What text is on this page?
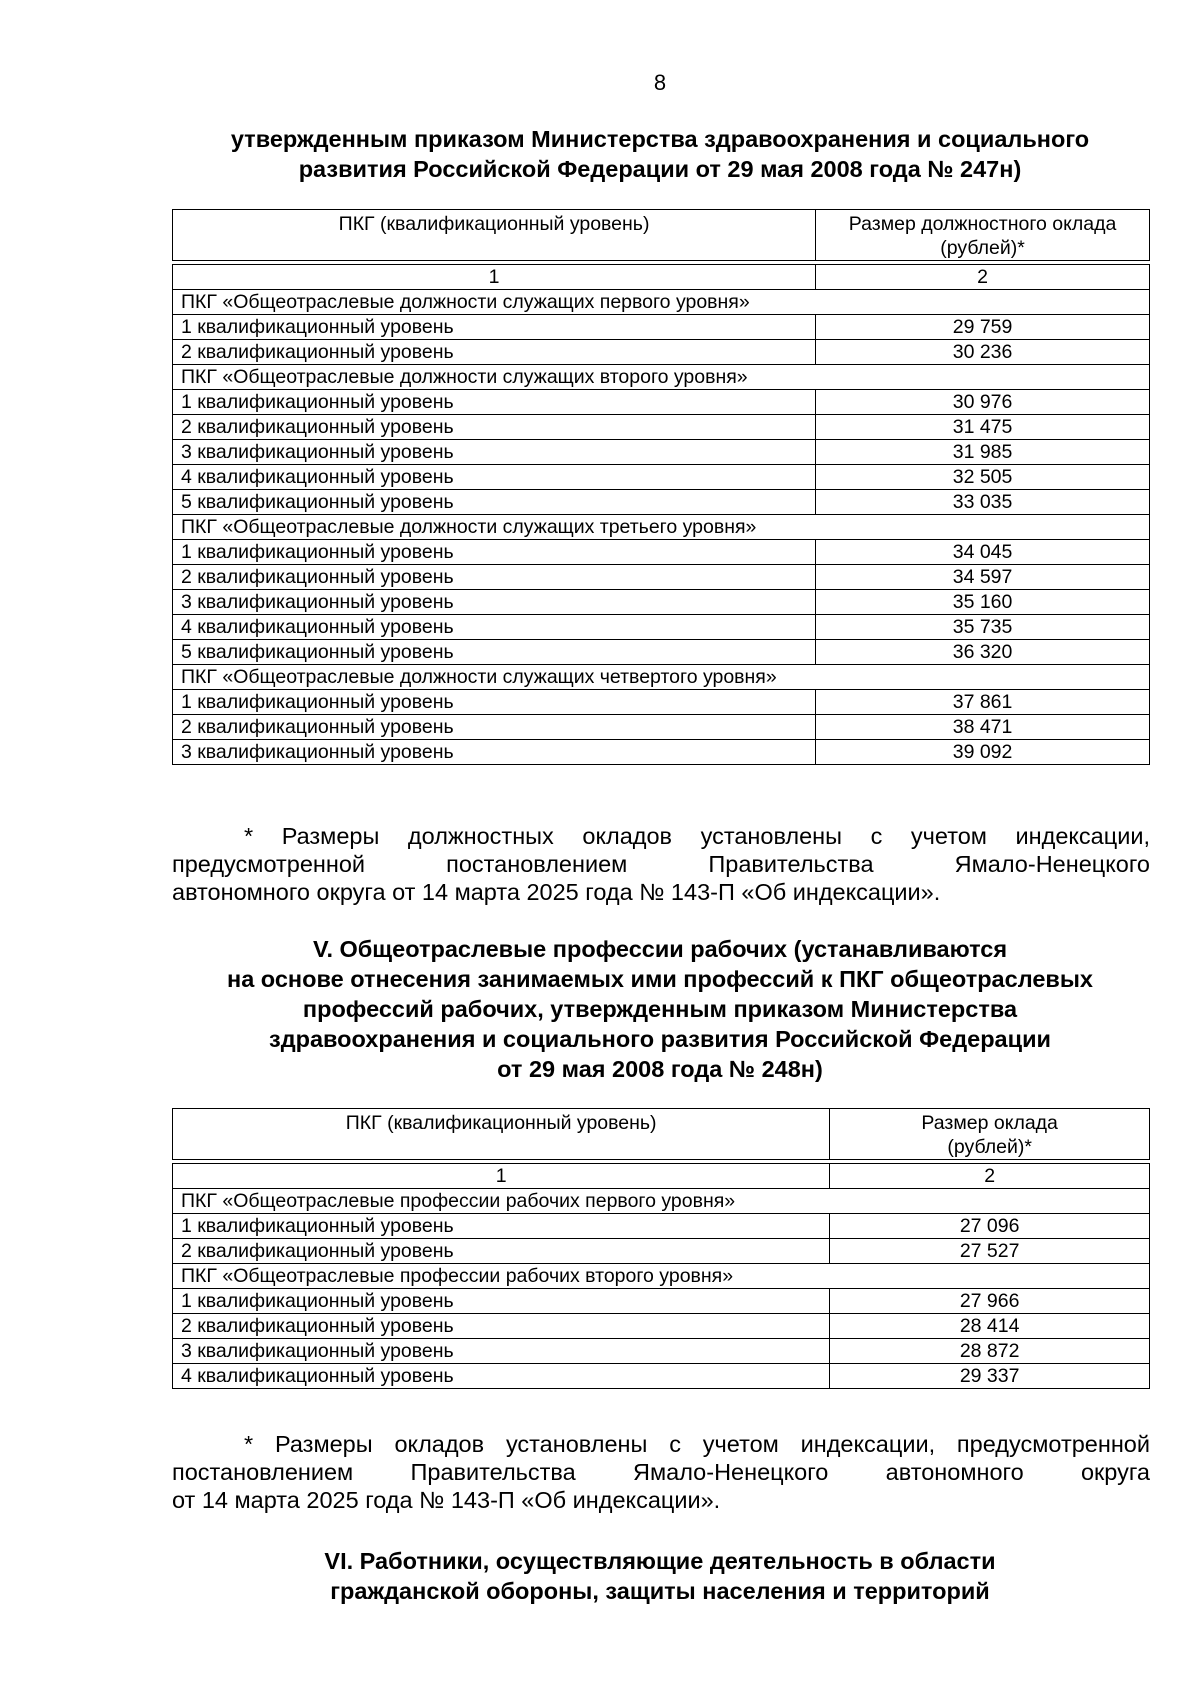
8
утвержденным приказом Министерства здравоохранения и социального
развития Российской Федерации от 29 мая 2008 года № 247н)
ПКГ (квалификационный уровень)	Размер должностного оклада
(рублей)*

1	2
ПКГ «Общеотраслевые должности служащих первого уровня»	
1 квалификационный уровень	29 759
2 квалификационный уровень	30 236
ПКГ «Общеотраслевые должности служащих второго уровня»	
1 квалификационный уровень	30 976
2 квалификационный уровень	31 475
3 квалификационный уровень	31 985
4 квалификационный уровень	32 505
5 квалификационный уровень	33 035
ПКГ «Общеотраслевые должности служащих третьего уровня»	
1 квалификационный уровень	34 045
2 квалификационный уровень	34 597
3 квалификационный уровень	35 160
4 квалификационный уровень	35 735
5 квалификационный уровень	36 320
ПКГ «Общеотраслевые должности служащих четвертого уровня»	
1 квалификационный уровень	37 861
2 квалификационный уровень	38 471
3 квалификационный уровень	39 092
* Размеры должностных окладов установлены с учетом индексации,
предусмотренной постановлением Правительства Ямало-Ненецкого
автономного округа от 14 марта 2025 года № 143-П «Об индексации».
V. Общеотраслевые профессии рабочих (устанавливаются
на основе отнесения занимаемых ими профессий к ПКГ общеотраслевых
профессий рабочих, утвержденным приказом Министерства
здравоохранения и социального развития Российской Федерации
от 29 мая 2008 года № 248н)
ПКГ (квалификационный уровень)	Размер оклада
(рублей)*

1	2
ПКГ «Общеотраслевые профессии рабочих первого уровня»	
1 квалификационный уровень	27 096
2 квалификационный уровень	27 527
ПКГ «Общеотраслевые профессии рабочих второго уровня»	
1 квалификационный уровень	27 966
2 квалификационный уровень	28 414
3 квалификационный уровень	28 872
4 квалификационный уровень	29 337
* Размеры окладов установлены с учетом индексации, предусмотренной
постановлением Правительства Ямало-Ненецкого автономного округа
от 14 марта 2025 года № 143-П «Об индексации».
VI. Работники, осуществляющие деятельность в области
гражданской обороны, защиты населения и территорий
